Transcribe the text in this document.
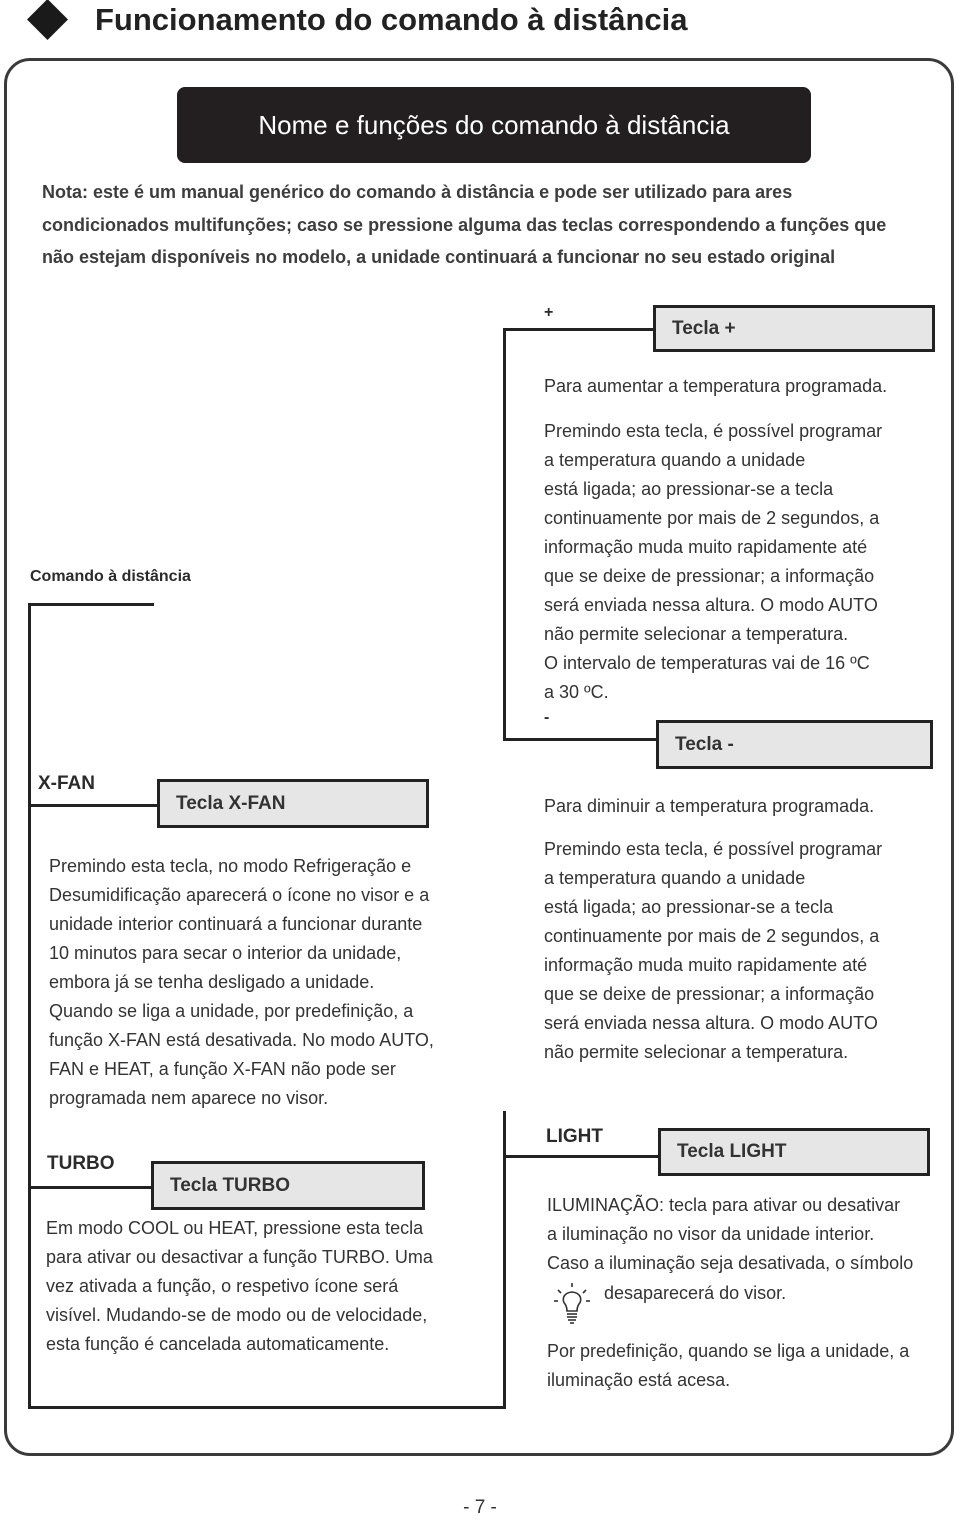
Funcionamento do comando à distância
Nome e funções do comando à distância
Nota: este é um manual genérico do comando à distância e pode ser utilizado para ares condicionados multifunções; caso se pressione alguma das teclas correspondendo a funções que não estejam disponíveis no modelo, a unidade continuará a funcionar no seu estado original
+
Tecla +
Para aumentar a temperatura programada.
Premindo esta tecla, é possível programar
a temperatura quando a unidade
está ligada; ao pressionar-se a tecla
continuamente por mais de 2 segundos, a
informação muda muito rapidamente até
que se deixe de pressionar; a informação
será enviada nessa altura. O modo AUTO
não permite selecionar a temperatura.
O intervalo de temperaturas vai de 16 ºC
a 30 ºC.
-
Tecla -
Para diminuir a temperatura programada.
Premindo esta tecla, é possível programar
a temperatura quando a unidade
está ligada; ao pressionar-se a tecla
continuamente por mais de 2 segundos, a
informação muda muito rapidamente até
que se deixe de pressionar; a informação
será enviada nessa altura. O modo AUTO
não permite selecionar a temperatura.
Comando à distância
X-FAN
Tecla X-FAN
Premindo esta tecla, no modo Refrigeração e
Desumidificação aparecerá o ícone no visor e a
unidade interior continuará a funcionar durante
10 minutos para secar o interior da unidade,
embora já se tenha desligado a unidade.
Quando se liga a unidade, por predefinição, a
função X-FAN está desativada. No modo AUTO,
FAN e HEAT, a função X-FAN não pode ser
programada nem aparece no visor.
TURBO
Tecla TURBO
Em modo COOL ou HEAT, pressione esta tecla
para ativar ou desactivar a função TURBO. Uma
vez ativada a função, o respetivo ícone será
visível. Mudando-se de modo ou de velocidade,
esta função é cancelada automaticamente.
LIGHT
Tecla LIGHT
ILUMINAÇÃO: tecla para ativar ou desativar
a iluminação no visor da unidade interior.
Caso a iluminação seja desativada, o símbolo
desaparecerá do visor.
Por predefinição, quando se liga a unidade, a
iluminação está acesa.
- 7 -
